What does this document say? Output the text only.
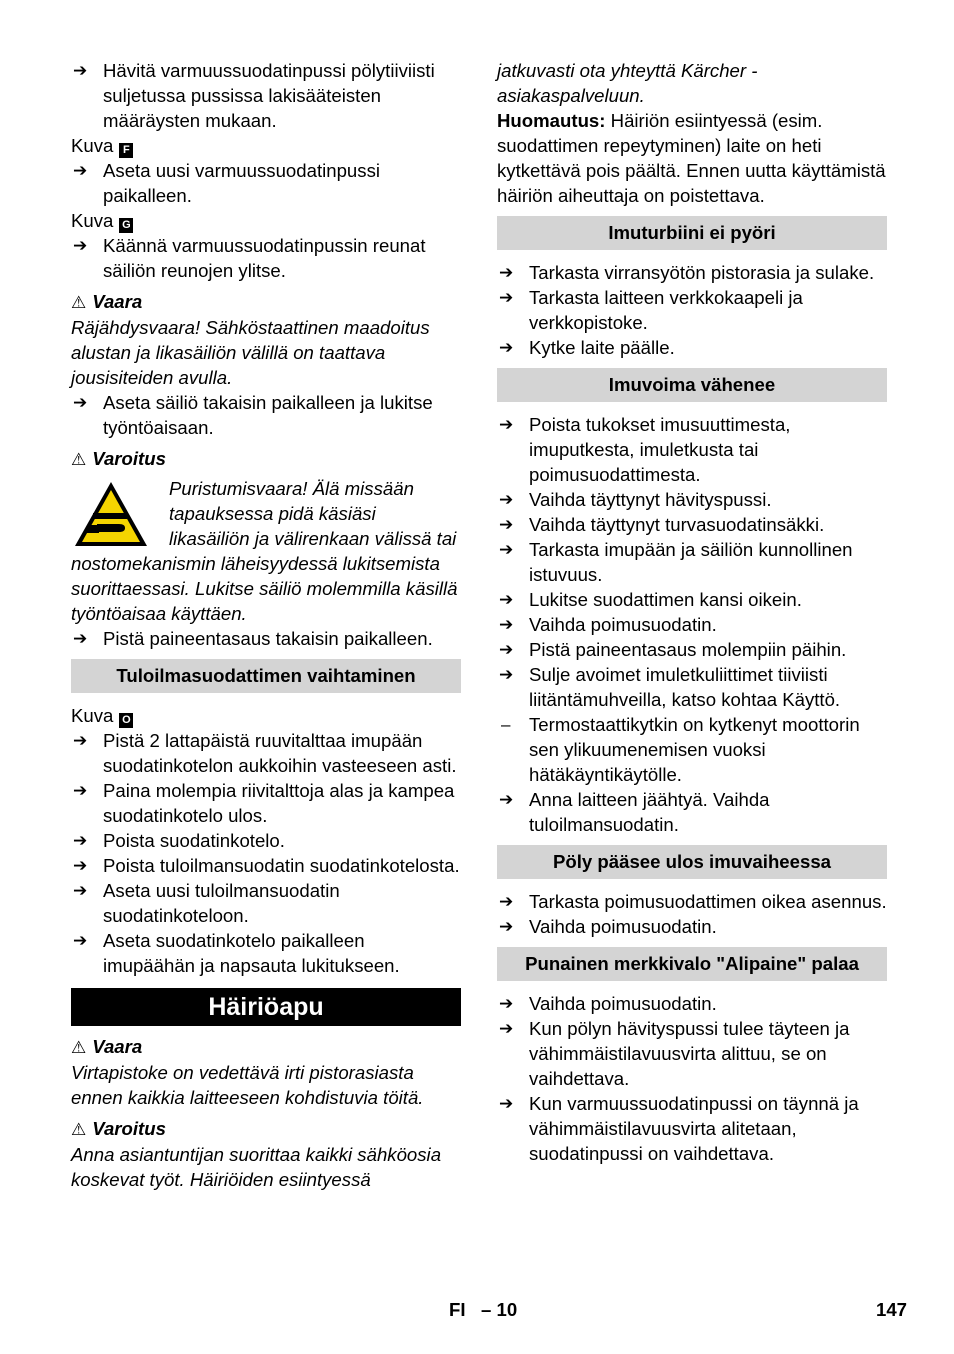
➔ Hävitä varmuussuodatinpussi pölytiiviisti suljetussa pussissa lakisääteisten määräysten mukaan.

Kuva F

➔ Aseta uusi varmuussuodatinpussi paikalleen.

Kuva G

➔ Käännä varmuussuodatinpussin reunat säiliön reunojen ylitse.

⚠ Vaara

Räjähdysvaara! Sähköstaattinen maadoitus alustan ja likasäiliön välillä on taattava jousisiteiden avulla.

➔ Aseta säiliö takaisin paikalleen ja lukitse työntöaisaan.

⚠ Varoitus

Puristumisvaara! Älä missään tapauksessa pidä käsiäsi likasäiliön ja välirenkaan välissä tai nostomekanismin läheisyydessä lukitsemista suorittaessasi. Lukitse säiliö molemmilla käsillä työntöaisaa käyttäen.

➔ Pistä paineentasaus takaisin paikalleen.

Tuloilmasuodattimen vaihtaminen

Kuva O

➔ Pistä 2 lattapäistä ruuvitalttaa imupään suodatinkotelon aukkoihin vasteeseen asti.

➔ Paina molempia riivitalttoja alas ja kampea suodatinkotelo ulos.

➔ Poista suodatinkotelo.

➔ Poista tuloilmansuodatin suodatinkotelosta.

➔ Aseta uusi tuloilmansuodatin suodatinkoteloon.

➔ Aseta suodatinkotelo paikalleen imupäähän ja napsauta lukitukseen.

Häiriöapu

⚠ Vaara

Virtapistoke on vedettävä irti pistorasiasta ennen kaikkia laitteeseen kohdistuvia töitä.

⚠ Varoitus

Anna asiantuntijan suorittaa kaikki sähköosia koskevat työt. Häiriöiden esiintyessä

jatkuvasti ota yhteyttä Kärcher -asiakaspalveluun.

Huomautus: Häiriön esiintyessä (esim. suodattimen repeytyminen) laite on heti kytkettävä pois päältä. Ennen uutta käyttämistä häiriön aiheuttaja on poistettava.

Imuturbiini ei pyöri

➔ Tarkasta virransyötön pistorasia ja sulake.

➔ Tarkasta laitteen verkkokaapeli ja verkkopistoke.

➔ Kytke laite päälle.

Imuvoima vähenee

➔ Poista tukokset imusuuttimesta, imuputkesta, imuletkusta tai poimusuodattimesta.

➔ Vaihda täyttynyt hävityspussi.

➔ Vaihda täyttynyt turvasuodatinsäkki.

➔ Tarkasta imupään ja säiliön kunnollinen istuvuus.

➔ Lukitse suodattimen kansi oikein.

➔ Vaihda poimusuodatin.

➔ Pistä paineentasaus molempiin päihin.

➔ Sulje avoimet imuletkuliittimet tiiviisti liitäntämuhveilla, katso kohtaa Käyttö.

– Termostaattikytkin on kytkenyt moottorin sen ylikuumenemisen vuoksi hätäkäyntikäytölle.

➔ Anna laitteen jäähtyä. Vaihda tuloilmansuodatin.

Pöly pääsee ulos imuvaiheessa

➔ Tarkasta poimusuodattimen oikea asennus.

➔ Vaihda poimusuodatin.

Punainen merkkivalo "Alipaine" palaa

➔ Vaihda poimusuodatin.

➔ Kun pölyn hävityspussi tulee täyteen ja vähimmäistilavuusvirta alittuu, se on vaihdettava.

➔ Kun varmuussuodatinpussi on täynnä ja vähimmäistilavuusvirta alitetaan, suodatinpussi on vaihdettava.

FI – 10	147
